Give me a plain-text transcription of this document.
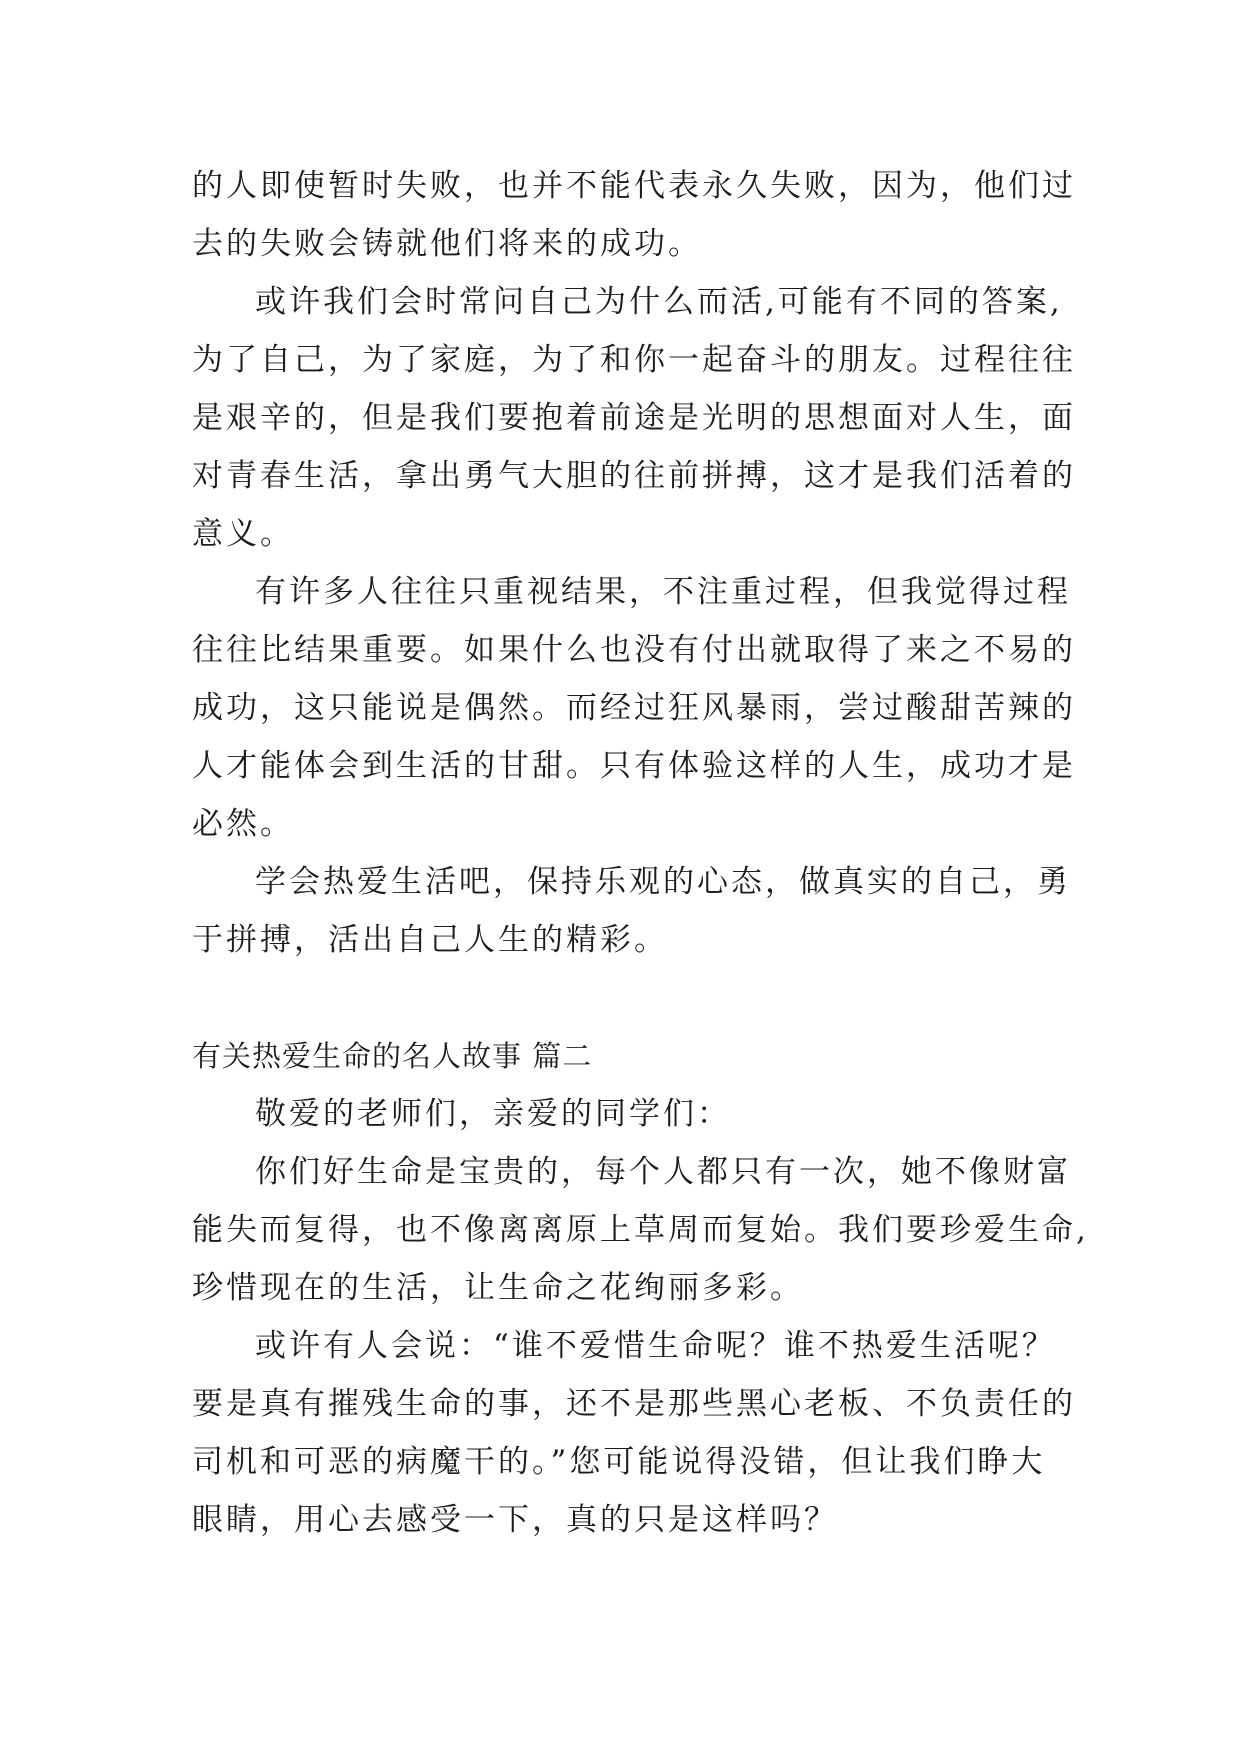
的人即使暂时失败，也并不能代表永久失败，因为，他们过
去的失败会铸就他们将来的成功。
或许我们会时常问自己为什么而活,可能有不同的答案,
为了自己，为了家庭，为了和你一起奋斗的朋友。过程往往
是艰辛的，但是我们要抱着前途是光明的思想面对人生，面
对青春生活，拿出勇气大胆的往前拼搏，这才是我们活着的
意义。
有许多人往往只重视结果，不注重过程，但我觉得过程
往往比结果重要。如果什么也没有付出就取得了来之不易的
成功，这只能说是偶然。而经过狂风暴雨，尝过酸甜苦辣的
人才能体会到生活的甘甜。只有体验这样的人生，成功才是
必然。
学会热爱生活吧，保持乐观的心态，做真实的自己，勇
于拼搏，活出自己人生的精彩。
有关热爱生命的名人故事 篇二
敬爱的老师们，亲爱的同学们：
你们好生命是宝贵的，每个人都只有一次，她不像财富
能失而复得，也不像离离原上草周而复始。我们要珍爱生命,
珍惜现在的生活，让生命之花绚丽多彩。
或许有人会说：“谁不爱惜生命呢？谁不热爱生活呢？
要是真有摧残生命的事，还不是那些黑心老板、不负责任的
司机和可恶的病魔干的。”您可能说得没错，但让我们睁大
眼睛，用心去感受一下，真的只是这样吗？
